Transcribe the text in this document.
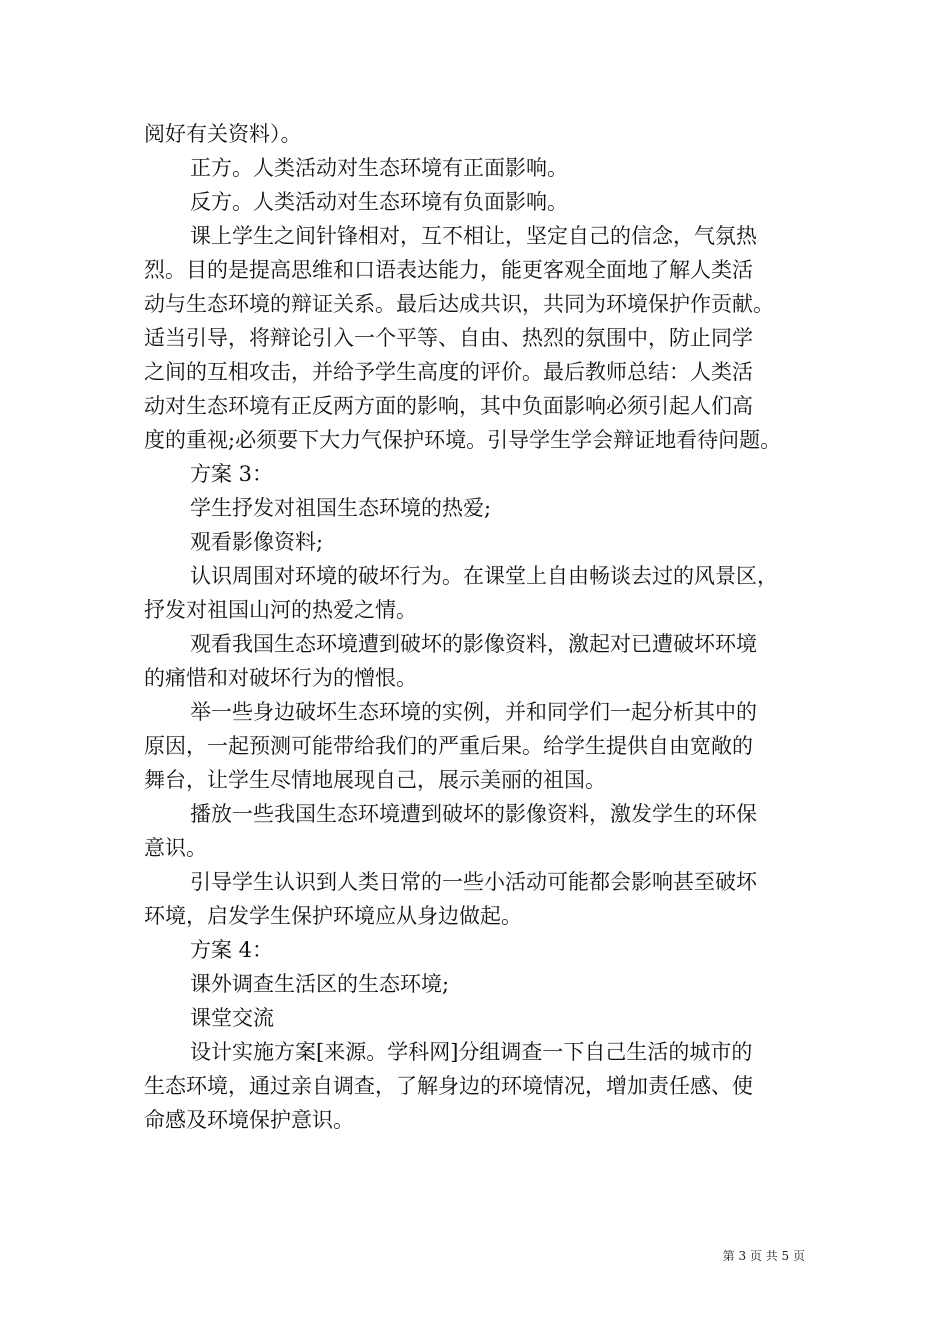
阅好有关资料）。
正方。人类活动对生态环境有正面影响。
反方。人类活动对生态环境有负面影响。
课上学生之间针锋相对，互不相让，坚定自己的信念，气氛热
烈。目的是提高思维和口语表达能力，能更客观全面地了解人类活
动与生态环境的辩证关系。最后达成共识，共同为环境保护作贡献。
适当引导，将辩论引入一个平等、自由、热烈的氛围中，防止同学
之间的互相攻击，并给予学生高度的评价。最后教师总结：人类活
动对生态环境有正反两方面的影响，其中负面影响必须引起人们高
度的重视;必须要下大力气保护环境。引导学生学会辩证地看待问题。
方案 3：
学生抒发对祖国生态环境的热爱;
观看影像资料;
认识周围对环境的破坏行为。在课堂上自由畅谈去过的风景区，
抒发对祖国山河的热爱之情。
观看我国生态环境遭到破坏的影像资料，激起对已遭破坏环境
的痛惜和对破坏行为的憎恨。
举一些身边破坏生态环境的实例，并和同学们一起分析其中的
原因，一起预测可能带给我们的严重后果。给学生提供自由宽敞的
舞台，让学生尽情地展现自己，展示美丽的祖国。
播放一些我国生态环境遭到破坏的影像资料，激发学生的环保
意识。
引导学生认识到人类日常的一些小活动可能都会影响甚至破坏
环境，启发学生保护环境应从身边做起。
方案 4：
课外调查生活区的生态环境;
课堂交流
设计实施方案[来源。学科网]分组调查一下自己生活的城市的
生态环境，通过亲自调查，了解身边的环境情况，增加责任感、使
命感及环境保护意识。
第 3 页 共 5 页
